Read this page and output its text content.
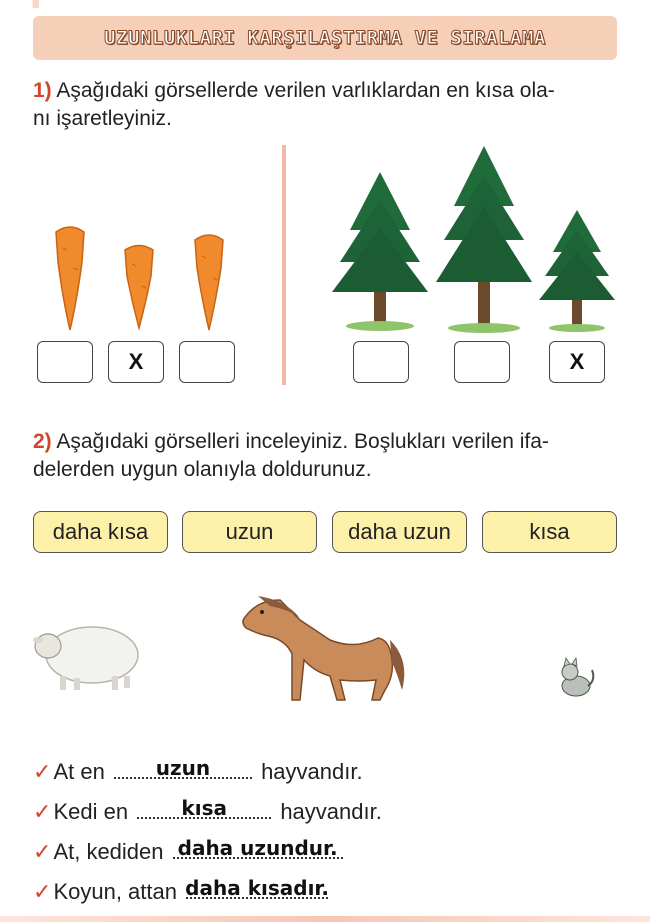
UZUNLUKLARI KARŞILAŞTIRMA VE SIRALAMA
1) Aşağıdaki görsellerde verilen varlıklardan en kısa ola-
nı işaretleyiniz.
X	X
2) Aşağıdaki görselleri inceleyiniz. Boşlukları verilen ifa-
delerden uygun olanıyla doldurunuz.
daha kısa	uzun	daha uzun	kısa
✓At en	uzun hayvandır.
✓Kedi en	kısa hayvandır.
✓At, kediden daha uzundur.
✓Koyun, attan daha kısadır.
